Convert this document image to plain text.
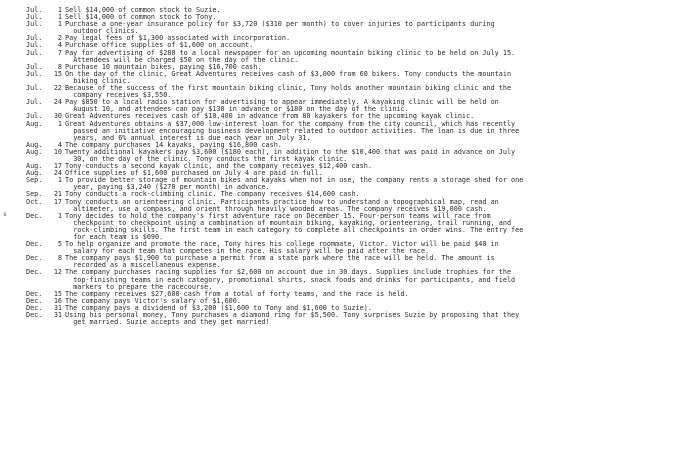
s
Jul.	1 Sell $14,000 of common stock to Suzie.
Jul.	1 Sell $14,000 of common stock to Tony.
Jul.	1 Purchase a one-year insurance policy for $3,720 ($310 per month) to cover injuries to participants during
outdoor clinics.
Jul.	2 Pay legal fees of $1,300 associated with incorporation.
Jul.	4 Purchase office supplies of $1,600 on account.
Jul.	7 Pay for advertising of $280 to a local newspaper for an upcoming mountain biking clinic to be held on July 15.
Attendees will be charged $50 on the day of the clinic.
Jul.	8 Purchase 10 mountain bikes, paying $16,700 cash.
Jul.	15 On the day of the clinic, Great Adventures receives cash of $3,000 from 60 bikers. Tony conducts the mountain
biking clinic.
Jul.	22 Because of the success of the first mountain biking clinic, Tony holds another mountain biking clinic and the
company receives $3,550.
Jul.	24 Pay $850 to a local radio station for advertising to appear immediately. A kayaking clinic will be held on
August 10, and attendees can pay $130 in advance or $180 on the day of the clinic.
Jul.	30 Great Adventures receives cash of $10,400 in advance from 80 kayakers for the upcoming kayak clinic.
Aug.	1 Great Adventures obtains a $37,000 low-interest loan for the company from the city council, which has recently
passed an initiative encouraging business development related to outdoor activities. The loan is due in three
years, and 6% annual interest is due each year on July 31.
Aug.	4 The company purchases 14 kayaks, paying $16,800 cash.
Aug.	10 Twenty additional kayakers pay $3,600 ($180 each), in addition to the $10,400 that was paid in advance on July
30, on the day of the clinic. Tony conducts the first kayak clinic.
Aug.	17 Tony conducts a second kayak clinic, and the company receives $12,400 cash.
Aug.	24 Office supplies of $1,600 purchased on July 4 are paid in full.
Sep.	1 To provide better storage of mountain bikes and kayaks when not in use, the company rents a storage shed for one
year, paying $3,240 ($270 per month) in advance.
Sep.	21 Tony conducts a rock-climbing clinic. The company receives $14,600 cash.
Oct.	17 Tony conducts an orienteering clinic. Participants practice how to understand a topographical map, read an
altimeter, use a compass, and orient through heavily wooded areas. The company receives $19,000 cash.
Dec.	1 Tony decides to hold the company's first adventure race on December 15. Four-person teams will race from
checkpoint to checkpoint using a combination of mountain biking, kayaking, orienteering, trail running, and
rock-climbing skills. The first team in each category to complete all checkpoints in order wins. The entry fee
for each team is $690.
Dec.	5 To help organize and promote the race, Tony hires his college roommate, Victor. Victor will be paid $40 in
salary for each team that competes in the race. His salary will be paid after the race.
Dec.	8 The company pays $1,900 to purchase a permit from a state park where the race will be held. The amount is
recorded as a miscellaneous expense.
Dec.	12 The company purchases racing supplies for $2,600 on account due in 30 days. Supplies include trophies for the
top-finishing teams in each category, promotional shirts, snack foods and drinks for participants, and field
markers to prepare the racecourse.
Dec.	15 The company receives $27,600 cash from a total of forty teams, and the race is held.
Dec.	16 The company pays Victor's salary of $1,600.
Dec.	31 The company pays a dividend of $3,200 ($1,600 to Tony and $1,600 to Suzie).
Dec.	31 Using his personal money, Tony purchases a diamond ring for $5,500. Tony surprises Suzie by proposing that they
get married. Suzie accepts and they get married!
